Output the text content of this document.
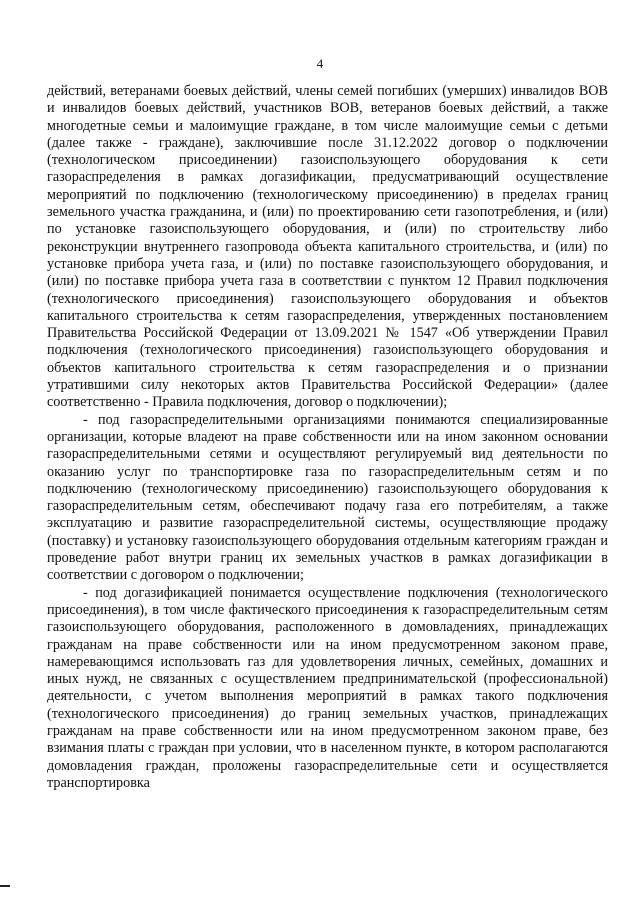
4

действий, ветеранами боевых действий, члены семей погибших (умерших) инвалидов ВОВ и инвалидов боевых действий, участников ВОВ, ветеранов боевых действий, а также многодетные семьи и малоимущие граждане, в том числе малоимущие семьи с детьми (далее также - граждане), заключившие после 31.12.2022 договор о подключении (технологическом присоединении) газоиспользующего оборудования к сети газораспределения в рамках догазификации, предусматривающий осуществление мероприятий по подключению (технологическому присоединению) в пределах границ земельного участка гражданина, и (или) по проектированию сети газопотребления, и (или) по установке газоиспользующего оборудования, и (или) по строительству либо реконструкции внутреннего газопровода объекта капитального строительства, и (или) по установке прибора учета газа, и (или) по поставке газоиспользующего оборудования, и (или) по поставке прибора учета газа в соответствии с пунктом 12 Правил подключения (технологического присоединения) газоиспользующего оборудования и объектов капитального строительства к сетям газораспределения, утвержденных постановлением Правительства Российской Федерации от 13.09.2021 № 1547 «Об утверждении Правил подключения (технологического присоединения) газоиспользующего оборудования и объектов капитального строительства к сетям газораспределения и о признании утратившими силу некоторых актов Правительства Российской Федерации» (далее соответственно - Правила подключения, договор о подключении);

- под газораспределительными организациями понимаются специализированные организации, которые владеют на праве собственности или на ином законном основании газораспределительными сетями и осуществляют регулируемый вид деятельности по оказанию услуг по транспортировке газа по газораспределительным сетям и по подключению (технологическому присоединению) газоиспользующего оборудования к газораспределительным сетям, обеспечивают подачу газа его потребителям, а также эксплуатацию и развитие газораспределительной системы, осуществляющие продажу (поставку) и установку газоиспользующего оборудования отдельным категориям граждан и проведение работ внутри границ их земельных участков в рамках догазификации в соответствии с договором о подключении;

- под догазификацией понимается осуществление подключения (технологического присоединения), в том числе фактического присоединения к газораспределительным сетям газоиспользующего оборудования, расположенного в домовладениях, принадлежащих гражданам на праве собственности или на ином предусмотренном законом праве, намеревающимся использовать газ для удовлетворения личных, семейных, домашних и иных нужд, не связанных с осуществлением предпринимательской (профессиональной) деятельности, с учетом выполнения мероприятий в рамках такого подключения (технологического присоединения) до границ земельных участков, принадлежащих гражданам на праве собственности или на ином предусмотренном законом праве, без взимания платы с граждан при условии, что в населенном пункте, в котором располагаются домовладения граждан, проложены газораспределительные сети и осуществляется транспортировка
